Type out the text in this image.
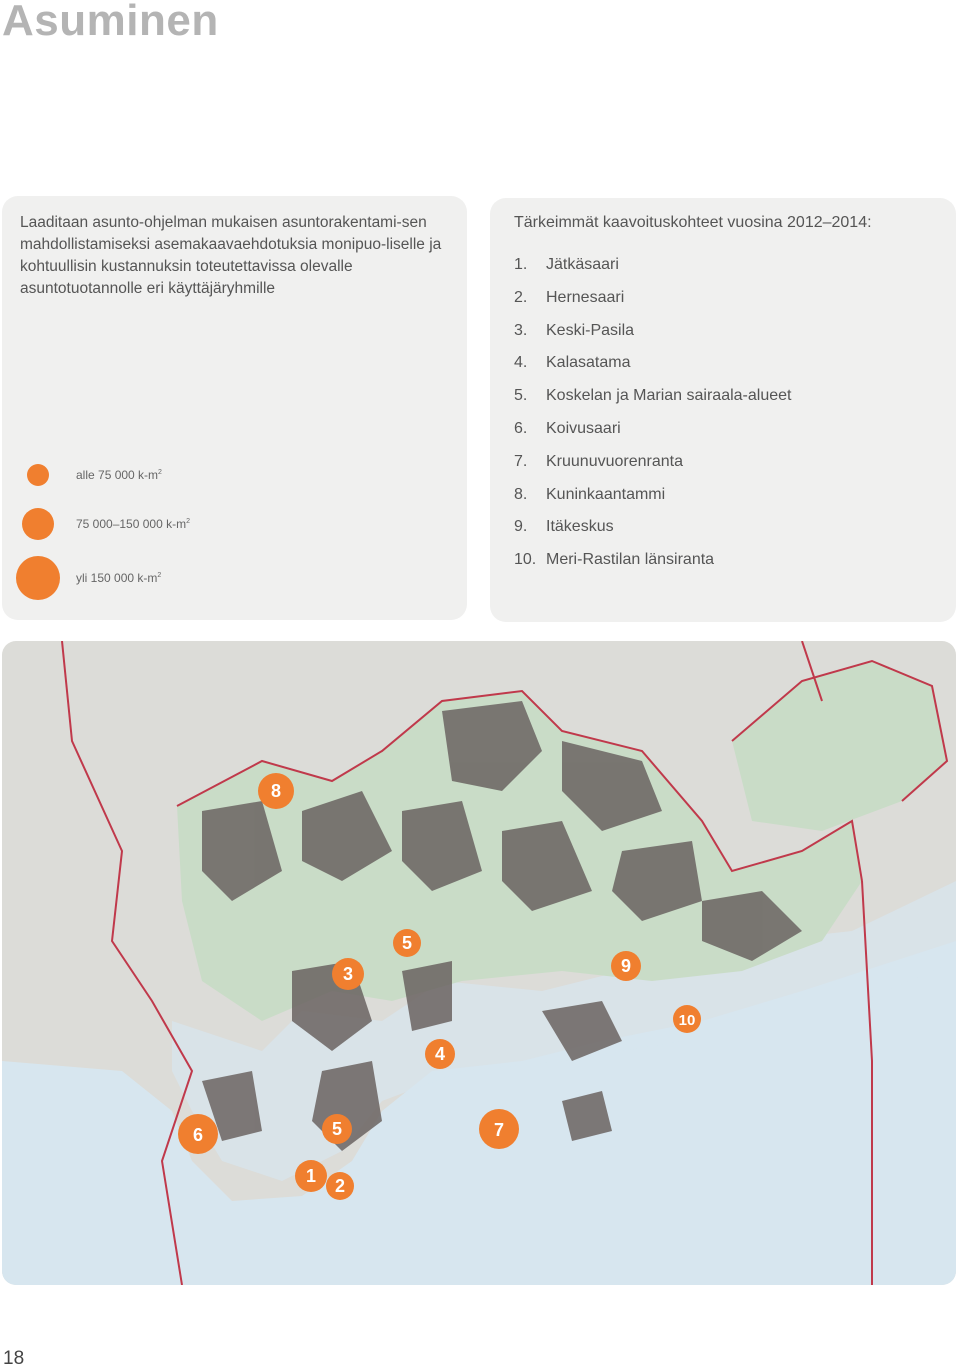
Asuminen
Laaditaan asunto-ohjelman mukaisen asuntorakentami-sen mahdollistamiseksi asemakaavaehdotuksia monipuo-liselle ja kohtuullisin kustannuksin toteutettavissa olevalle asuntotuotannolle eri käyttäjäryhmille
alle 75 000 $k-m^2$
75 000–150 000 $k-m^2$
yli 150 000 $k-m^2$
Tärkeimmät kaavoituskohteet vuosina 2012–2014:
1.	Jätkäsaari
2.	Hernesaari
3.	Keski-Pasila
4.	Kalasatama
5.	Koskelan ja Marian sairaala-alueet
6.	Koivusaari
7.	Kruunuvuorenranta
8.	Kuninkaantammi
9.	Itäkeskus
10. Meri-Rastilan länsiranta
8
5
3	9
10
4
6	5	7
1 2
18
